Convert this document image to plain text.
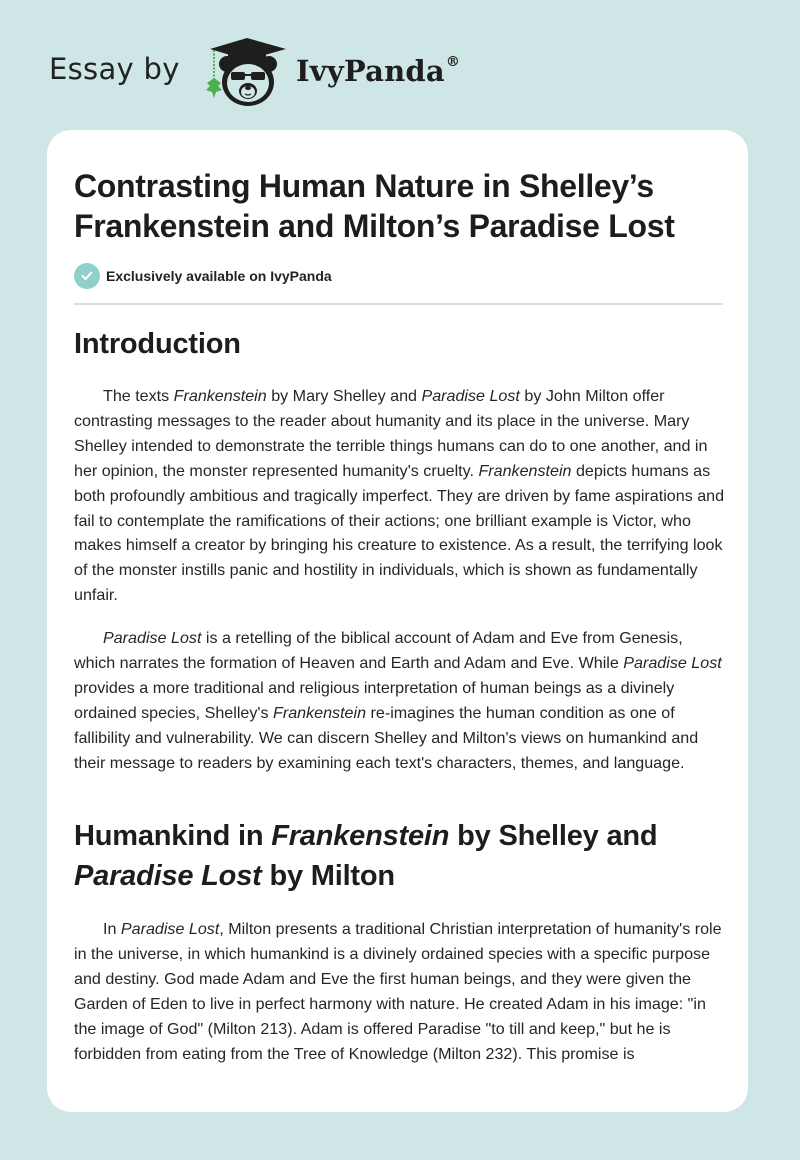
Essay by	IvyPanda®
Contrasting Human Nature in Shelley’s
Frankenstein and Milton’s Paradise Lost
Exclusively available on IvyPanda
Introduction

The texts Frankenstein by Mary Shelley and Paradise Lost by John Milton offer contrasting messages to the reader about humanity and its place in the universe. Mary Shelley intended to demonstrate the terrible things humans can do to one another, and in her opinion, the monster represented humanity's cruelty. Frankenstein depicts humans as both profoundly ambitious and tragically imperfect. They are driven by fame aspirations and fail to contemplate the ramifications of their actions; one brilliant example is Victor, who makes himself a creator by bringing his creature to existence. As a result, the terrifying look of the monster instills panic and hostility in individuals, which is shown as fundamentally unfair.

Paradise Lost is a retelling of the biblical account of Adam and Eve from Genesis, which narrates the formation of Heaven and Earth and Adam and Eve. While Paradise Lost provides a more traditional and religious interpretation of human beings as a divinely ordained species, Shelley's Frankenstein re-imagines the human condition as one of fallibility and vulnerability. We can discern Shelley and Milton's views on humankind and their message to readers by examining each text's characters, themes, and language.

Humankind in Frankenstein by Shelley and Paradise Lost by Milton

In Paradise Lost, Milton presents a traditional Christian interpretation of humanity's role in the universe, in which humankind is a divinely ordained species with a specific purpose and destiny. God made Adam and Eve the first human beings, and they were given the Garden of Eden to live in perfect harmony with nature. He created Adam in his image: "in the image of God" (Milton 213). Adam is offered Paradise "to till and keep," but he is forbidden from eating from the Tree of Knowledge (Milton 232). This promise is
